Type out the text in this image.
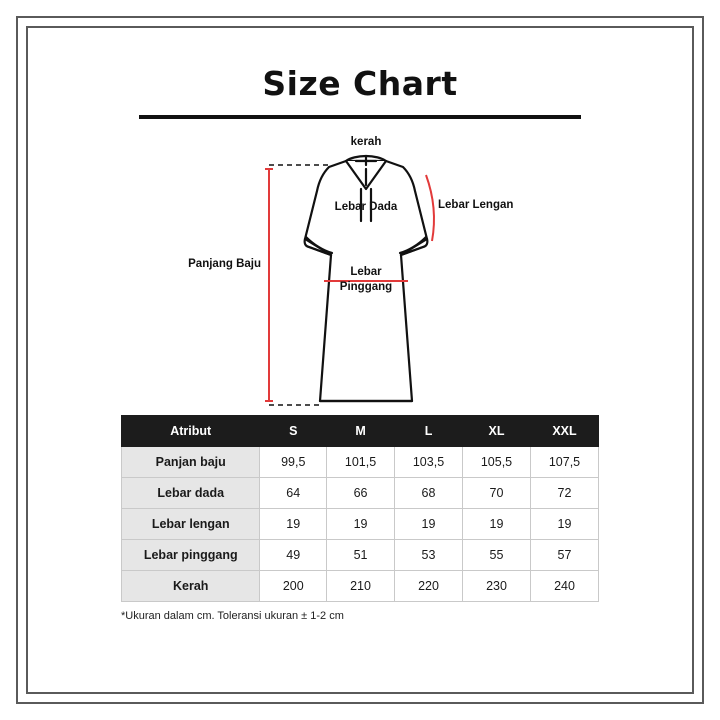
Size Chart
kerah
Lebar Dada	Lebar Lengan
Panjang Baju
Lebar
Pinggang
Atribut	S	M	L	XL	XXL
Panjan baju	99,5	101,5	103,5	105,5	107,5
Lebar dada	64	66	68	70	72
Lebar lengan	19	19	19	19	19
Lebar pinggang	49	51	53	55	57
Kerah	200	210	220	230	240
*Ukuran dalam cm. Toleransi ukuran ± 1-2 cm
